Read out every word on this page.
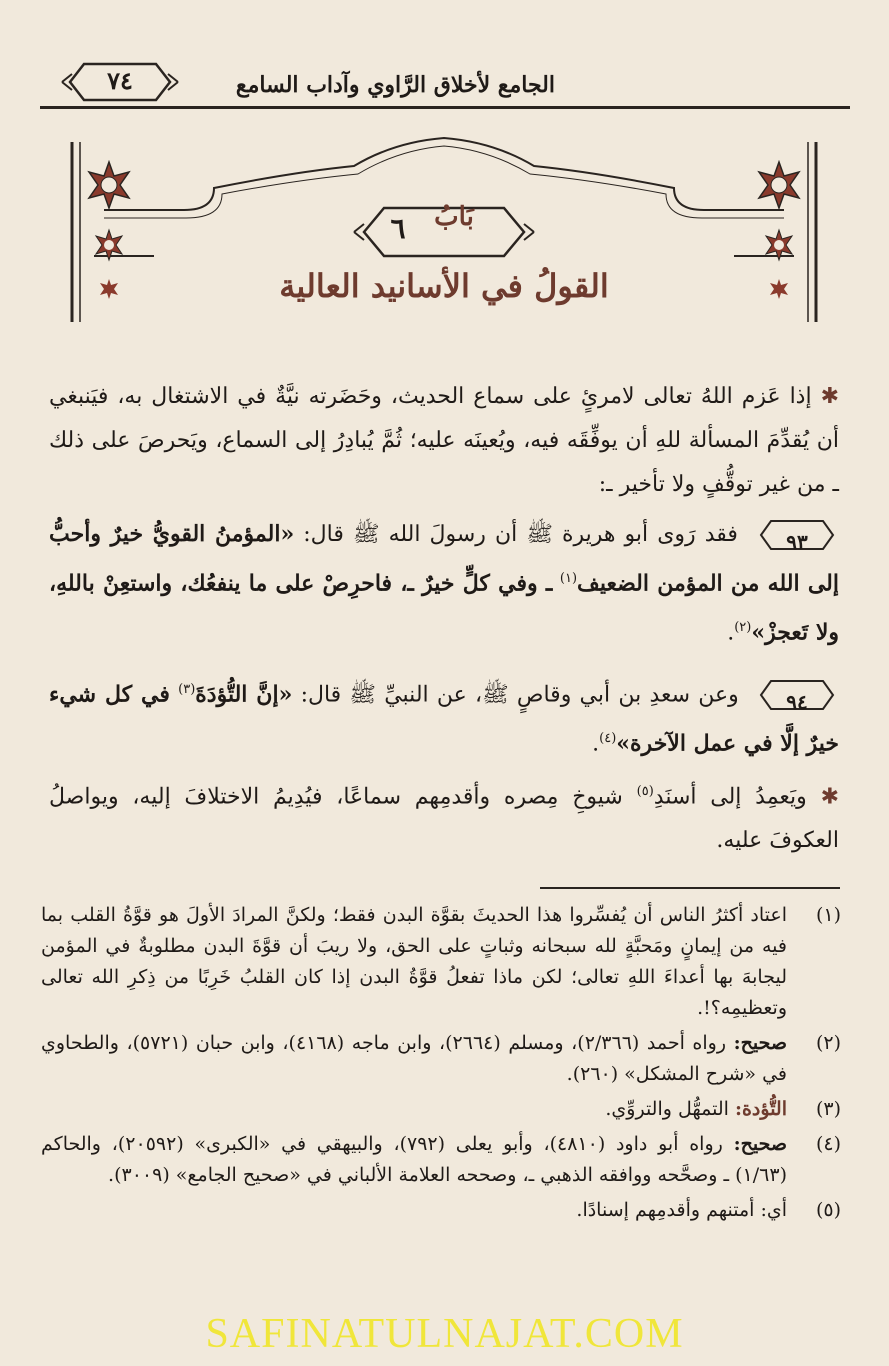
٧٤	الجامع لأخلاق الرَّاوي وآداب السامع
٦	بَابُ
القولُ في الأسانيد العالية

✱ إذا عَزم اللهُ تعالى لامرئٍ على سماع الحديث، وحَضَرته نيَّةٌ في الاشتغال به، فيَنبغي أن يُقدِّمَ المسألة للهِ أن يوفِّقَه فيه، ويُعينَه عليه؛ ثُمَّ يُبادِرُ إلى السماع، ويَحرصَ على ذلك ـ من غير توقُّفٍ ولا تأخير ـ:

٩٣
فقد رَوى أبو هريرة ﷺ أن رسولَ الله ﷺ قال: «المؤمنُ القويُّ خيرٌ وأحبُّ إلى الله من المؤمن الضعيف$^{(١)}$ ـ وفي كلٍّ خيرٌ ـ، فاحرِصْ على ما ينفعُك، واستعِنْ باللهِ، ولا تَعجزْ»$^{(٢)}$.

٩٤
وعن سعدِ بن أبي وقاصٍ ﷺ، عن النبيِّ ﷺ قال: «إنَّ التُّؤدَةَ$^{(٣)}$ في كل شيء خيرٌ إلَّا في عمل الآخرة»$^{(٤)}$.

✱ ويَعمِدُ إلى أسنَدِ$^{(٥)}$ شيوخِ مِصره وأقدمِهم سماعًا، فيُدِيمُ الاختلافَ إليه، ويواصلُ العكوفَ عليه.

(١)
اعتاد أكثرُ الناس أن يُفسِّروا هذا الحديثَ بقوَّة البدن فقط؛ ولكنَّ المرادَ الأولَ هو قوَّةُ القلب بما فيه من إيمانٍ ومَحبَّةٍ لله سبحانه وثباتٍ على الحق، ولا ريبَ أن قوَّةَ البدن مطلوبةٌ في المؤمن ليجابهَ بها أعداءَ اللهِ تعالى؛ لكن ماذا تفعلُ قوَّةُ البدن إذا كان القلبُ خَرِبًا من ذِكرِ الله تعالى وتعظيمِه؟!.
(٢)
صحيح: رواه أحمد (٢/٣٦٦)، ومسلم (٢٦٦٤)، وابن ماجه (٤١٦٨)، وابن حبان (٥٧٢١)، والطحاوي في «شرح المشكل» (٢٦٠).
(٣)
التُّؤدة: التمهُّل والتروِّي.
(٤)
صحيح: رواه أبو داود (٤٨١٠)، وأبو يعلى (٧٩٢)، والبيهقي في «الكبرى» (٢٠٥٩٢)، والحاكم (١/٦٣) ـ وصحَّحه ووافقه الذهبي ـ، وصححه العلامة الألباني في «صحيح الجامع» (٣٠٠٩).
(٥)
أي: أمتنهم وأقدمِهم إسنادًا.
SAFINATULNAJAT.COM
